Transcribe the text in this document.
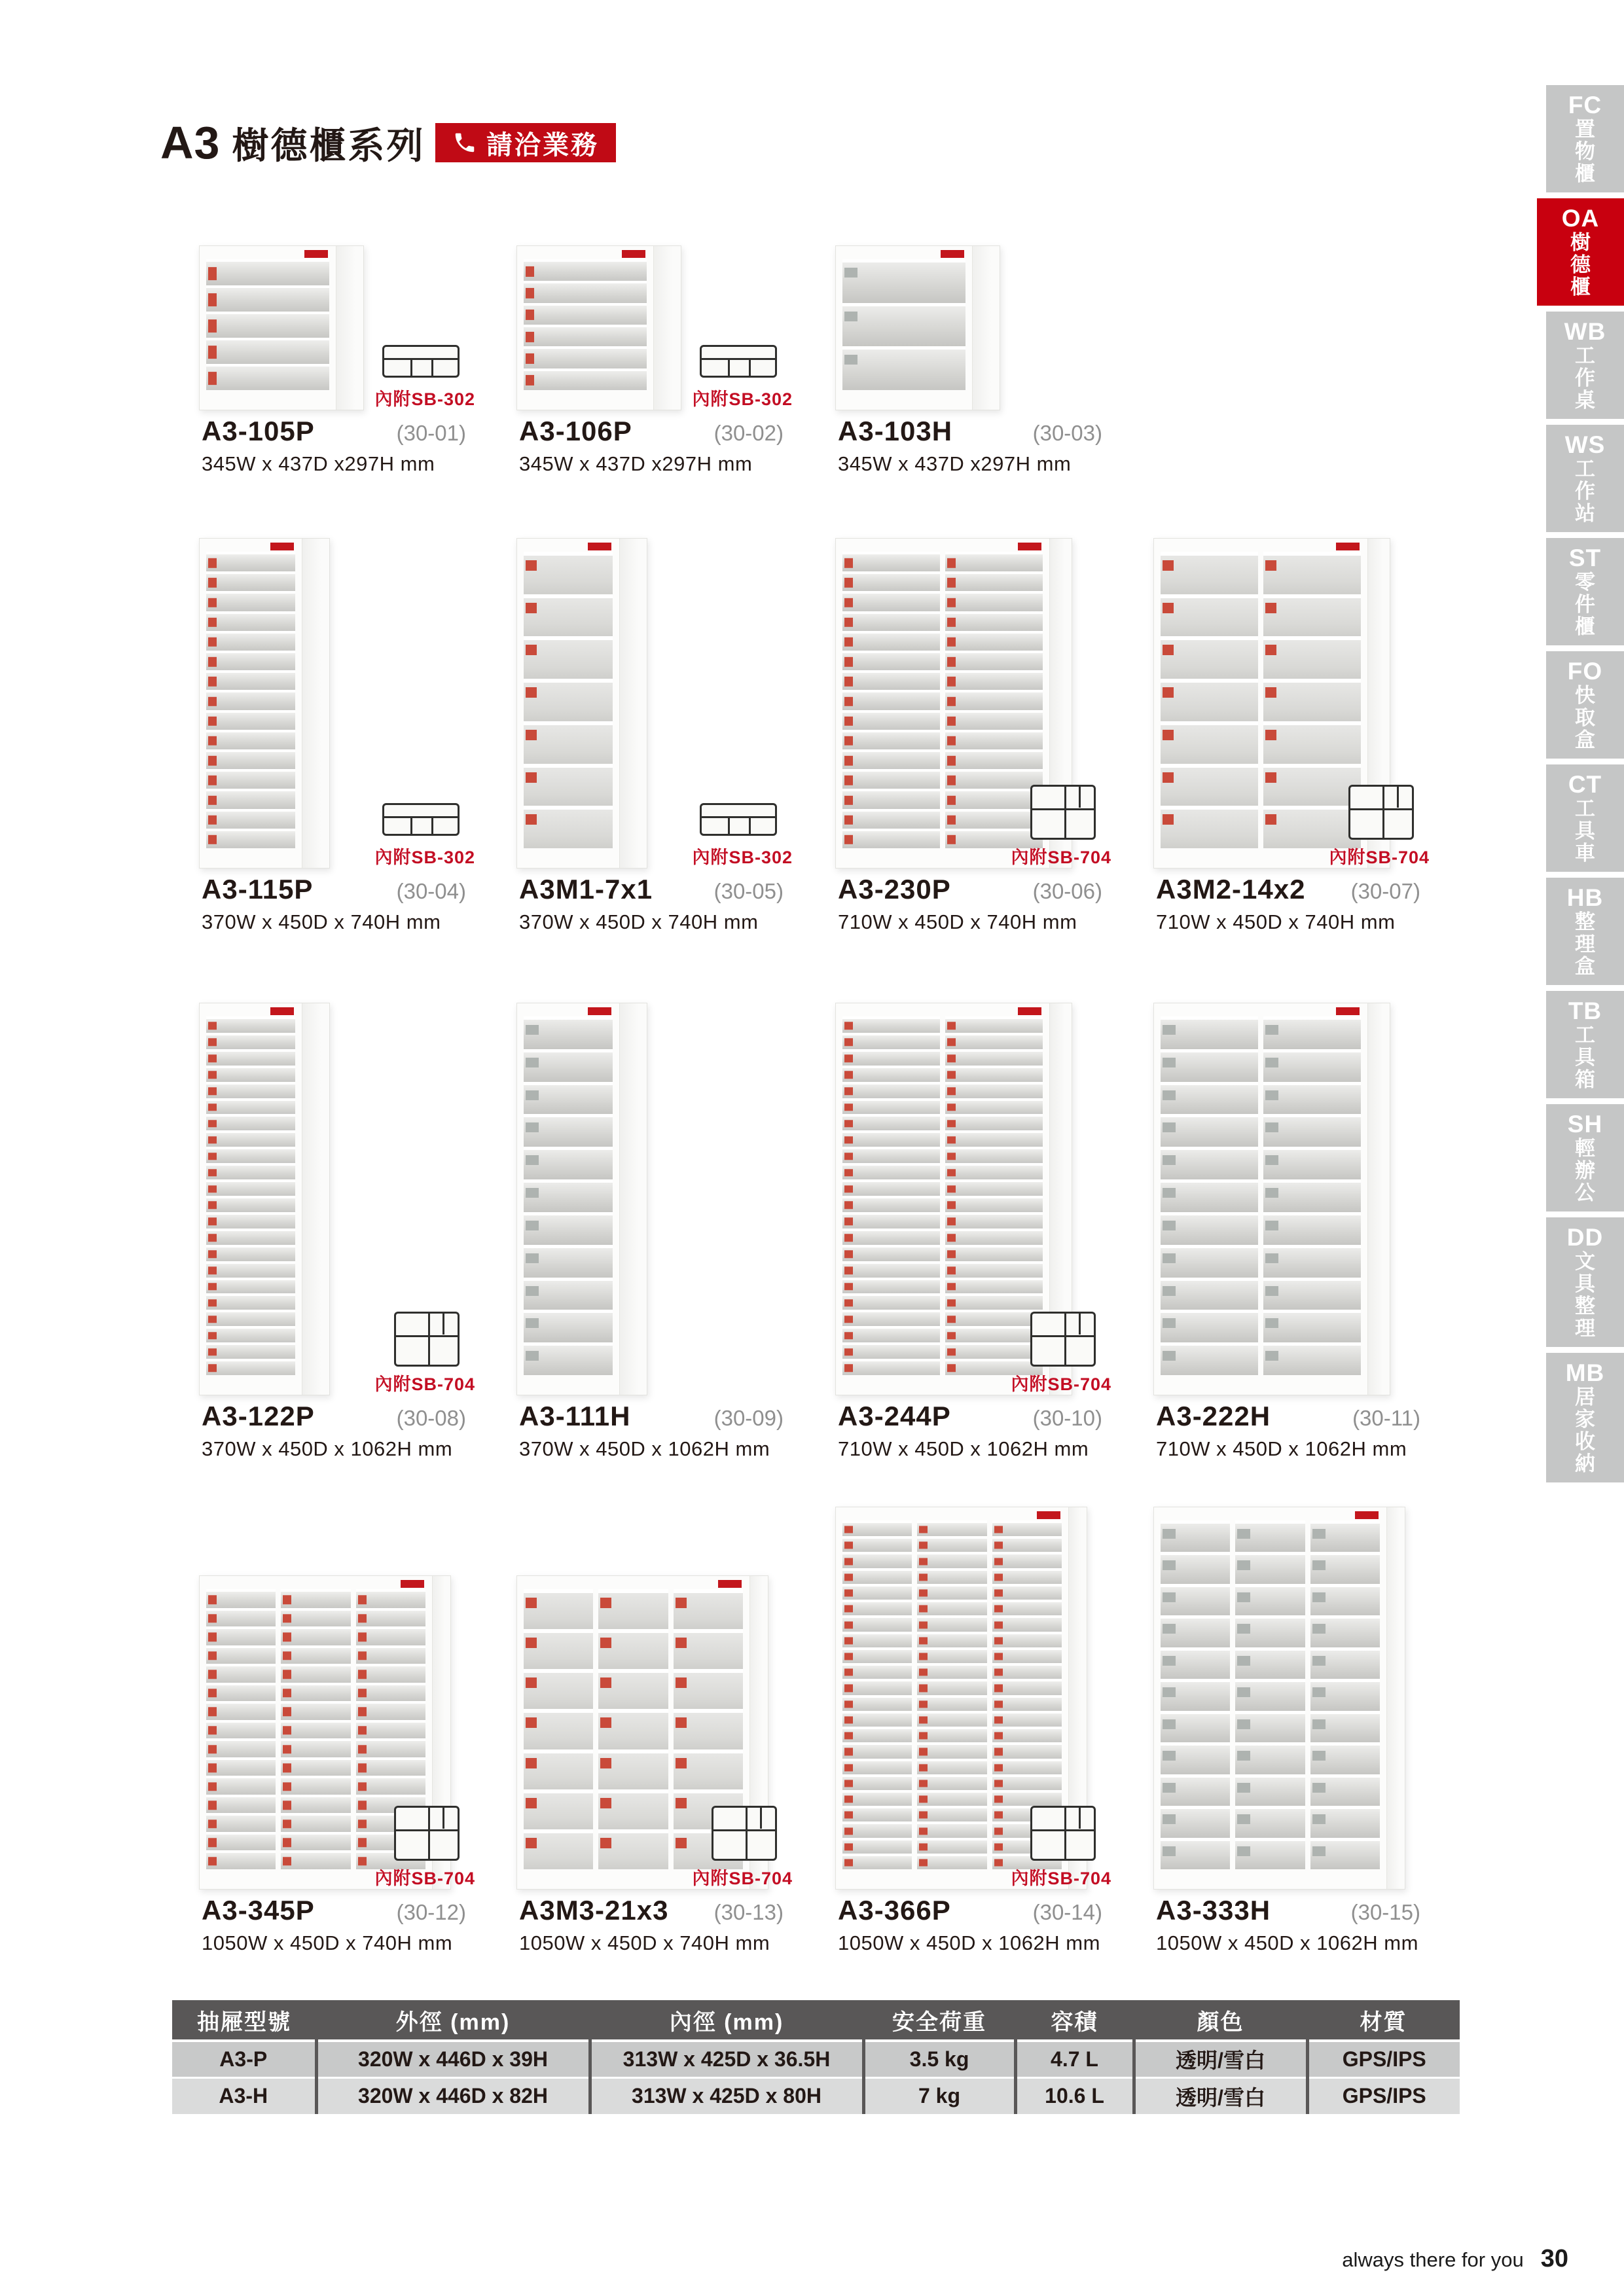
A3 樹德櫃系列 請洽業務
內附SB-302
A3-105P	(30-01)
345W x 437D x297H mm
內附SB-302
A3-106P	(30-02)
345W x 437D x297H mm
A3-103H	(30-03)
345W x 437D x297H mm
內附SB-302
A3-115P	(30-04)
370W x 450D x 740H mm
內附SB-302
A3M1-7x1	(30-05)
370W x 450D x 740H mm
內附SB-704
A3-230P	(30-06)
710W x 450D x 740H mm
內附SB-704
A3M2-14x2 (30-07)
710W x 450D x 740H mm
內附SB-704
A3-122P	(30-08)
370W x 450D x 1062H mm
A3-111H	(30-09)
370W x 450D x 1062H mm
內附SB-704
A3-244P	(30-10)
710W x 450D x 1062H mm
A3-222H	(30-11)
710W x 450D x 1062H mm
內附SB-704
A3-345P	(30-12)
1050W x 450D x 740H mm
內附SB-704
A3M3-21x3 (30-13)
1050W x 450D x 740H mm
內附SB-704
A3-366P	(30-14)
1050W x 450D x 1062H mm
A3-333H	(30-15)
1050W x 450D x 1062H mm
FC
置
物
櫃
OA
樹
德
櫃
WB
工
作
桌
WS
工
作
站
ST
零
件
櫃
FO
快
取
盒
CT
工
具
車
HB
整
理
盒
TB
工
具
箱
SH
輕
辦
公
DD
文
具
整
理
MB
居
家
收
納
抽屜型號	外徑 (mm)	內徑 (mm)	安全荷重	容積	顏色	材質
A3-P	320W x 446D x 39H	313W x 425D x 36.5H	3.5 kg	4.7 L	透明/雪白	GPS/IPS
A3-H	320W x 446D x 82H	313W x 425D x 80H	7 kg	10.6 L	透明/雪白	GPS/IPS
always there for you 30
